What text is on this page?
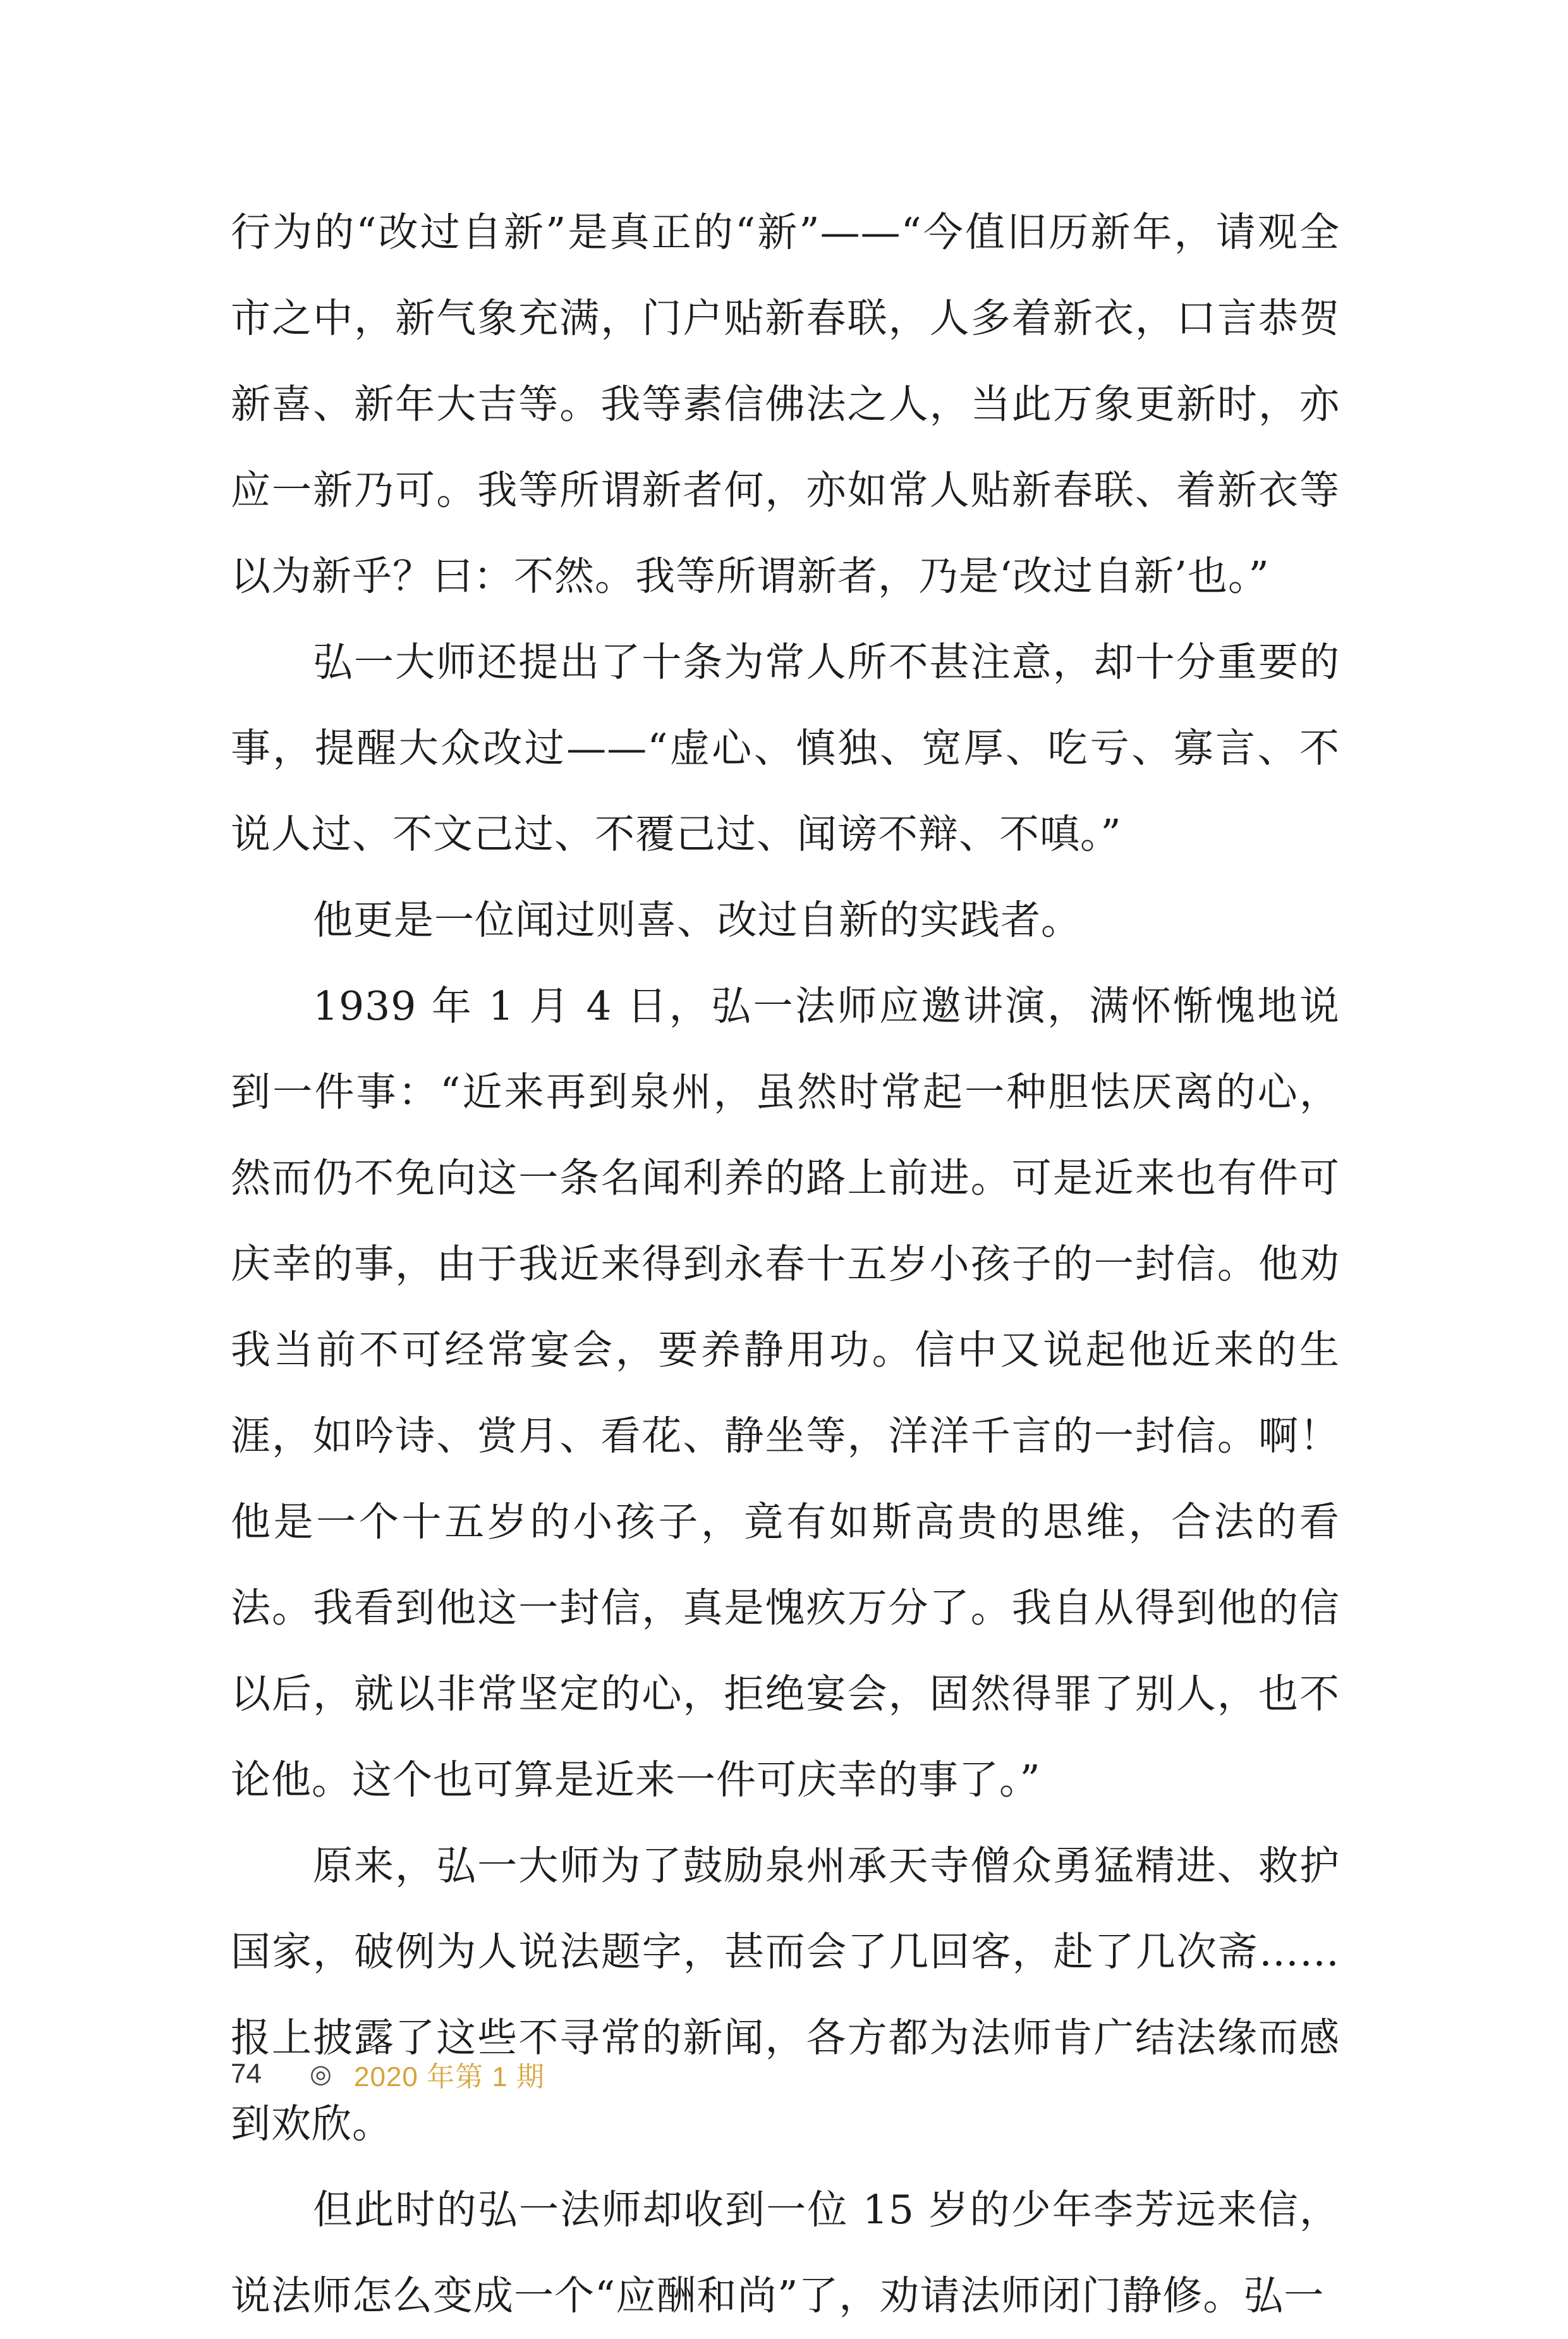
行为的“改过自新”是真正的“新”——“今值旧历新年，请观全市之中，新气象充满，门户贴新春联，人多着新衣，口言恭贺新喜、新年大吉等。我等素信佛法之人，当此万象更新时，亦应一新乃可。我等所谓新者何，亦如常人贴新春联、着新衣等以为新乎？曰：不然。我等所谓新者，乃是‘改过自新’也。”

弘一大师还提出了十条为常人所不甚注意，却十分重要的事，提醒大众改过——“虚心、慎独、宽厚、吃亏、寡言、不说人过、不文己过、不覆己过、闻谤不辩、不嗔。”

他更是一位闻过则喜、改过自新的实践者。

1939 年 1 月 4 日，弘一法师应邀讲演，满怀惭愧地说到一件事：“近来再到泉州，虽然时常起一种胆怯厌离的心，然而仍不免向这一条名闻利养的路上前进。可是近来也有件可庆幸的事，由于我近来得到永春十五岁小孩子的一封信。他劝我当前不可经常宴会，要养静用功。信中又说起他近来的生涯，如吟诗、赏月、看花、静坐等，洋洋千言的一封信。啊！他是一个十五岁的小孩子，竟有如斯高贵的思维，合法的看法。我看到他这一封信，真是愧疚万分了。我自从得到他的信以后，就以非常坚定的心，拒绝宴会，固然得罪了别人，也不论他。这个也可算是近来一件可庆幸的事了。”

原来，弘一大师为了鼓励泉州承天寺僧众勇猛精进、救护国家，破例为人说法题字，甚而会了几回客，赴了几次斋……报上披露了这些不寻常的新闻，各方都为法师肯广结法缘而感到欢欣。

但此时的弘一法师却收到一位 15 岁的少年李芳远来信，说法师怎么变成一个“应酬和尚”了，劝请法师闭门静修。弘一

74	◎ 2020 年第 1 期
